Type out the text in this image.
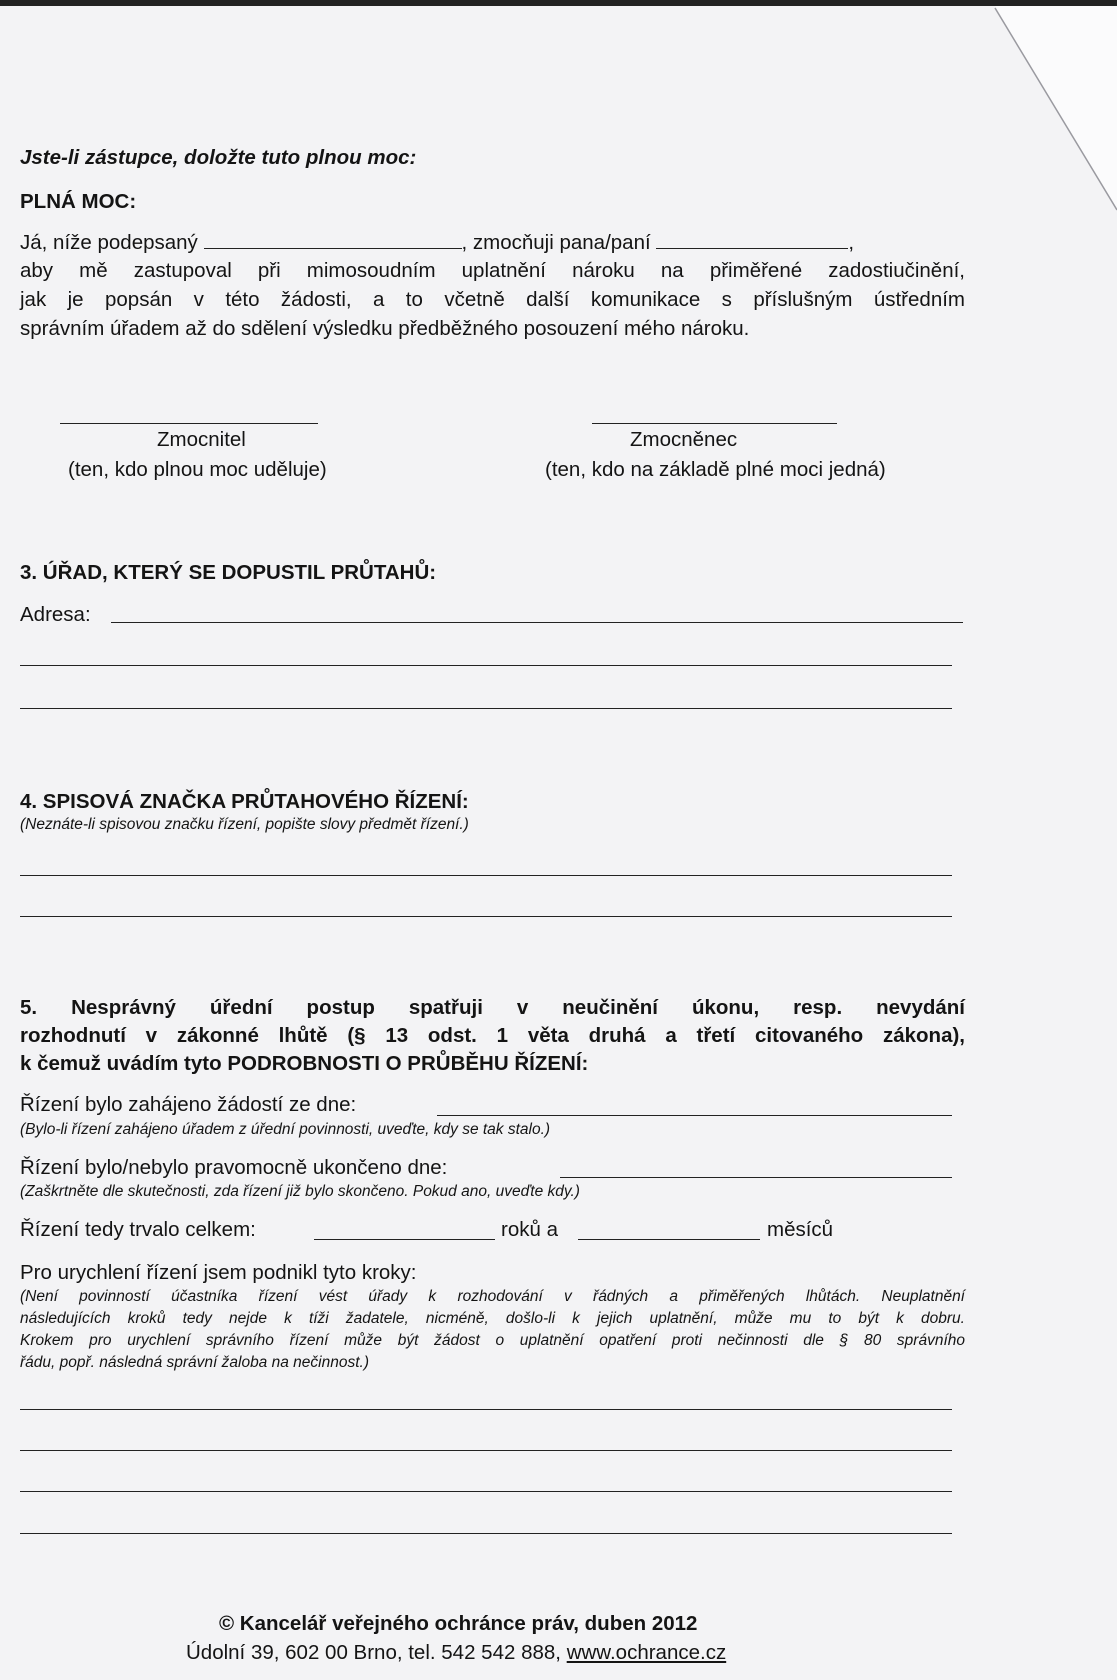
Jste-li zástupce, doložte tuto plnou moc:
PLNÁ MOC:
Já, níže podepsaný	, zmocňuji pana/paní	,
aby mě zastupoval při mimosoudním uplatnění nároku na přiměřené zadostiučinění,
jak je popsán v této žádosti, a to včetně další komunikace s příslušným ústředním
správním úřadem až do sdělení výsledku předběžného posouzení mého nároku.
Zmocnitel
(ten, kdo plnou moc uděluje)
Zmocněnec
(ten, kdo na základě plné moci jedná)
3. ÚŘAD, KTERÝ SE DOPUSTIL PRŮTAHŮ:
Adresa:
4. SPISOVÁ ZNAČKA PRŮTAHOVÉHO ŘÍZENÍ:
(Neznáte-li spisovou značku řízení, popište slovy předmět řízení.)
5. Nesprávný úřední postup spatřuji v neučinění úkonu, resp. nevydání
rozhodnutí v zákonné lhůtě (§ 13 odst. 1 věta druhá a třetí citovaného zákona),
k čemuž uvádím tyto PODROBNOSTI O PRŮBĚHU ŘÍZENÍ:
Řízení bylo zahájeno žádostí ze dne:
(Bylo-li řízení zahájeno úřadem z úřední povinnosti, uveďte, kdy se tak stalo.)
Řízení bylo/nebylo pravomocně ukončeno dne:
(Zaškrtněte dle skutečnosti, zda řízení již bylo skončeno. Pokud ano, uveďte kdy.)
Řízení tedy trvalo celkem:	roků a	měsíců
Pro urychlení řízení jsem podnikl tyto kroky:
(Není povinností účastníka řízení vést úřady k rozhodování v řádných a přiměřených lhůtách. Neuplatnění
následujících kroků tedy nejde k tíži žadatele, nicméně, došlo-li k jejich uplatnění, může mu to být k dobru.
Krokem pro urychlení správního řízení může být žádost o uplatnění opatření proti nečinnosti dle § 80 správního
řádu, popř. následná správní žaloba na nečinnost.)
© Kancelář veřejného ochránce práv, duben 2012
Údolní 39, 602 00 Brno, tel. 542 542 888, www.ochrance.cz
